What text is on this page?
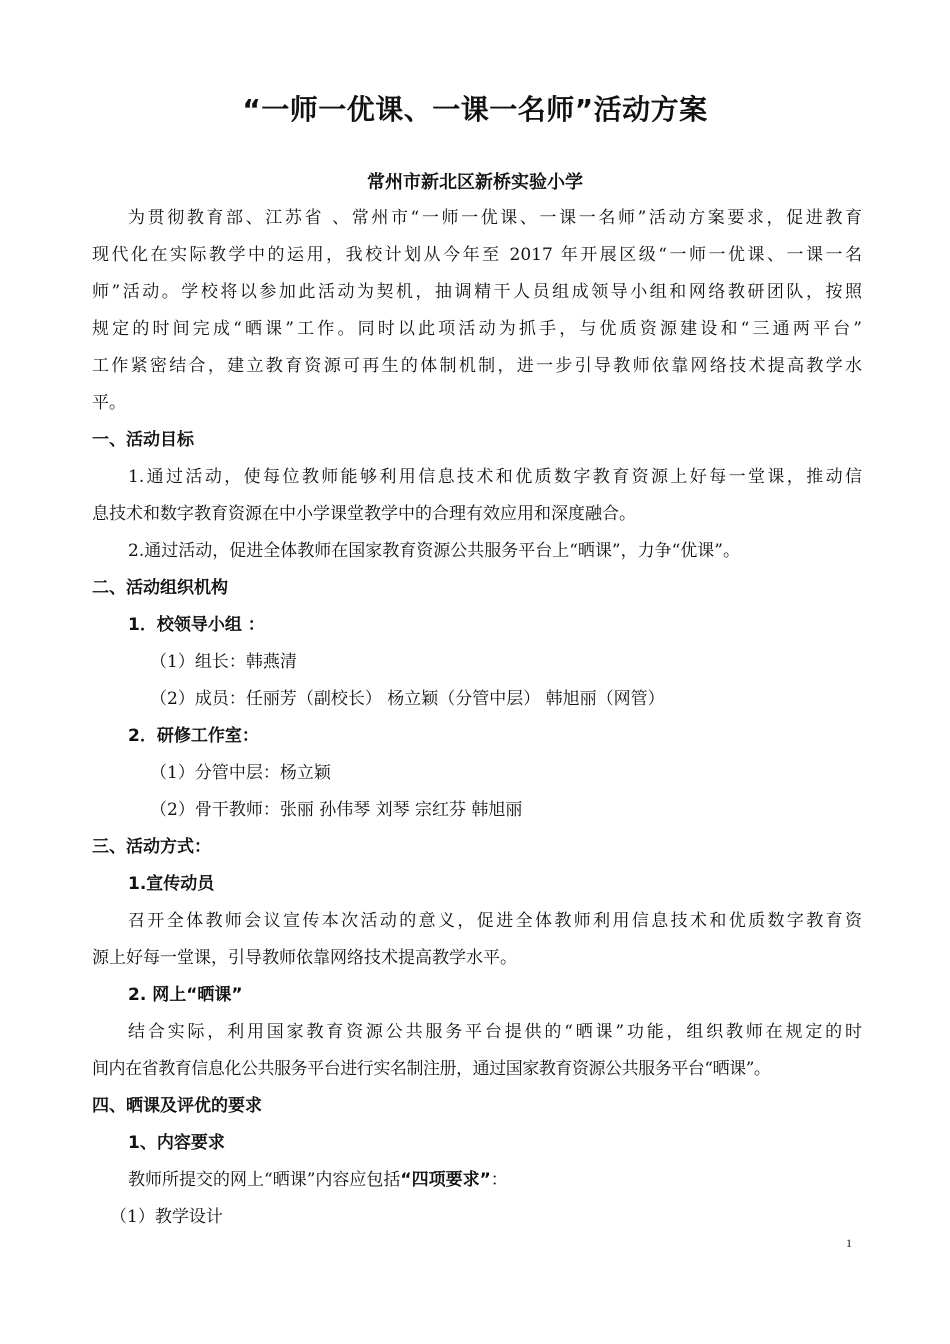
“一师一优课、一课一名师”活动方案
常州市新北区新桥实验小学
为贯彻教育部、江苏省 、常州市“一师一优课、一课一名师”活动方案要求，促进教育
现代化在实际教学中的运用，我校计划从今年至 2017 年开展区级“一师一优课、一课一名
师”活动。学校将以参加此活动为契机，抽调精干人员组成领导小组和网络教研团队，按照
规定的时间完成“晒课”工作。同时以此项活动为抓手，与优质资源建设和“三通两平台”
工作紧密结合，建立教育资源可再生的体制机制，进一步引导教师依靠网络技术提高教学水
平。
一、活动目标
1.通过活动，使每位教师能够利用信息技术和优质数字教育资源上好每一堂课，推动信
息技术和数字教育资源在中小学课堂教学中的合理有效应用和深度融合。
2.通过活动，促进全体教师在国家教育资源公共服务平台上“晒课”，力争“优课”。
二、活动组织机构
1．校领导小组 ：
（1）组长：韩燕清
（2）成员：任丽芳（副校长） 杨立颖（分管中层） 韩旭丽（网管）
2．研修工作室：
（1）分管中层：杨立颖
（2）骨干教师：张丽 孙伟琴 刘琴 宗红芬 韩旭丽
三、活动方式：
1.宣传动员
召开全体教师会议宣传本次活动的意义，促进全体教师利用信息技术和优质数字教育资
源上好每一堂课，引导教师依靠网络技术提高教学水平。
2. 网上“晒课”
结合实际，利用国家教育资源公共服务平台提供的“晒课”功能，组织教师在规定的时
间内在省教育信息化公共服务平台进行实名制注册，通过国家教育资源公共服务平台“晒课”。
四、晒课及评优的要求
1、内容要求
教师所提交的网上“晒课”内容应包括“四项要求”：
（1）教学设计
1
